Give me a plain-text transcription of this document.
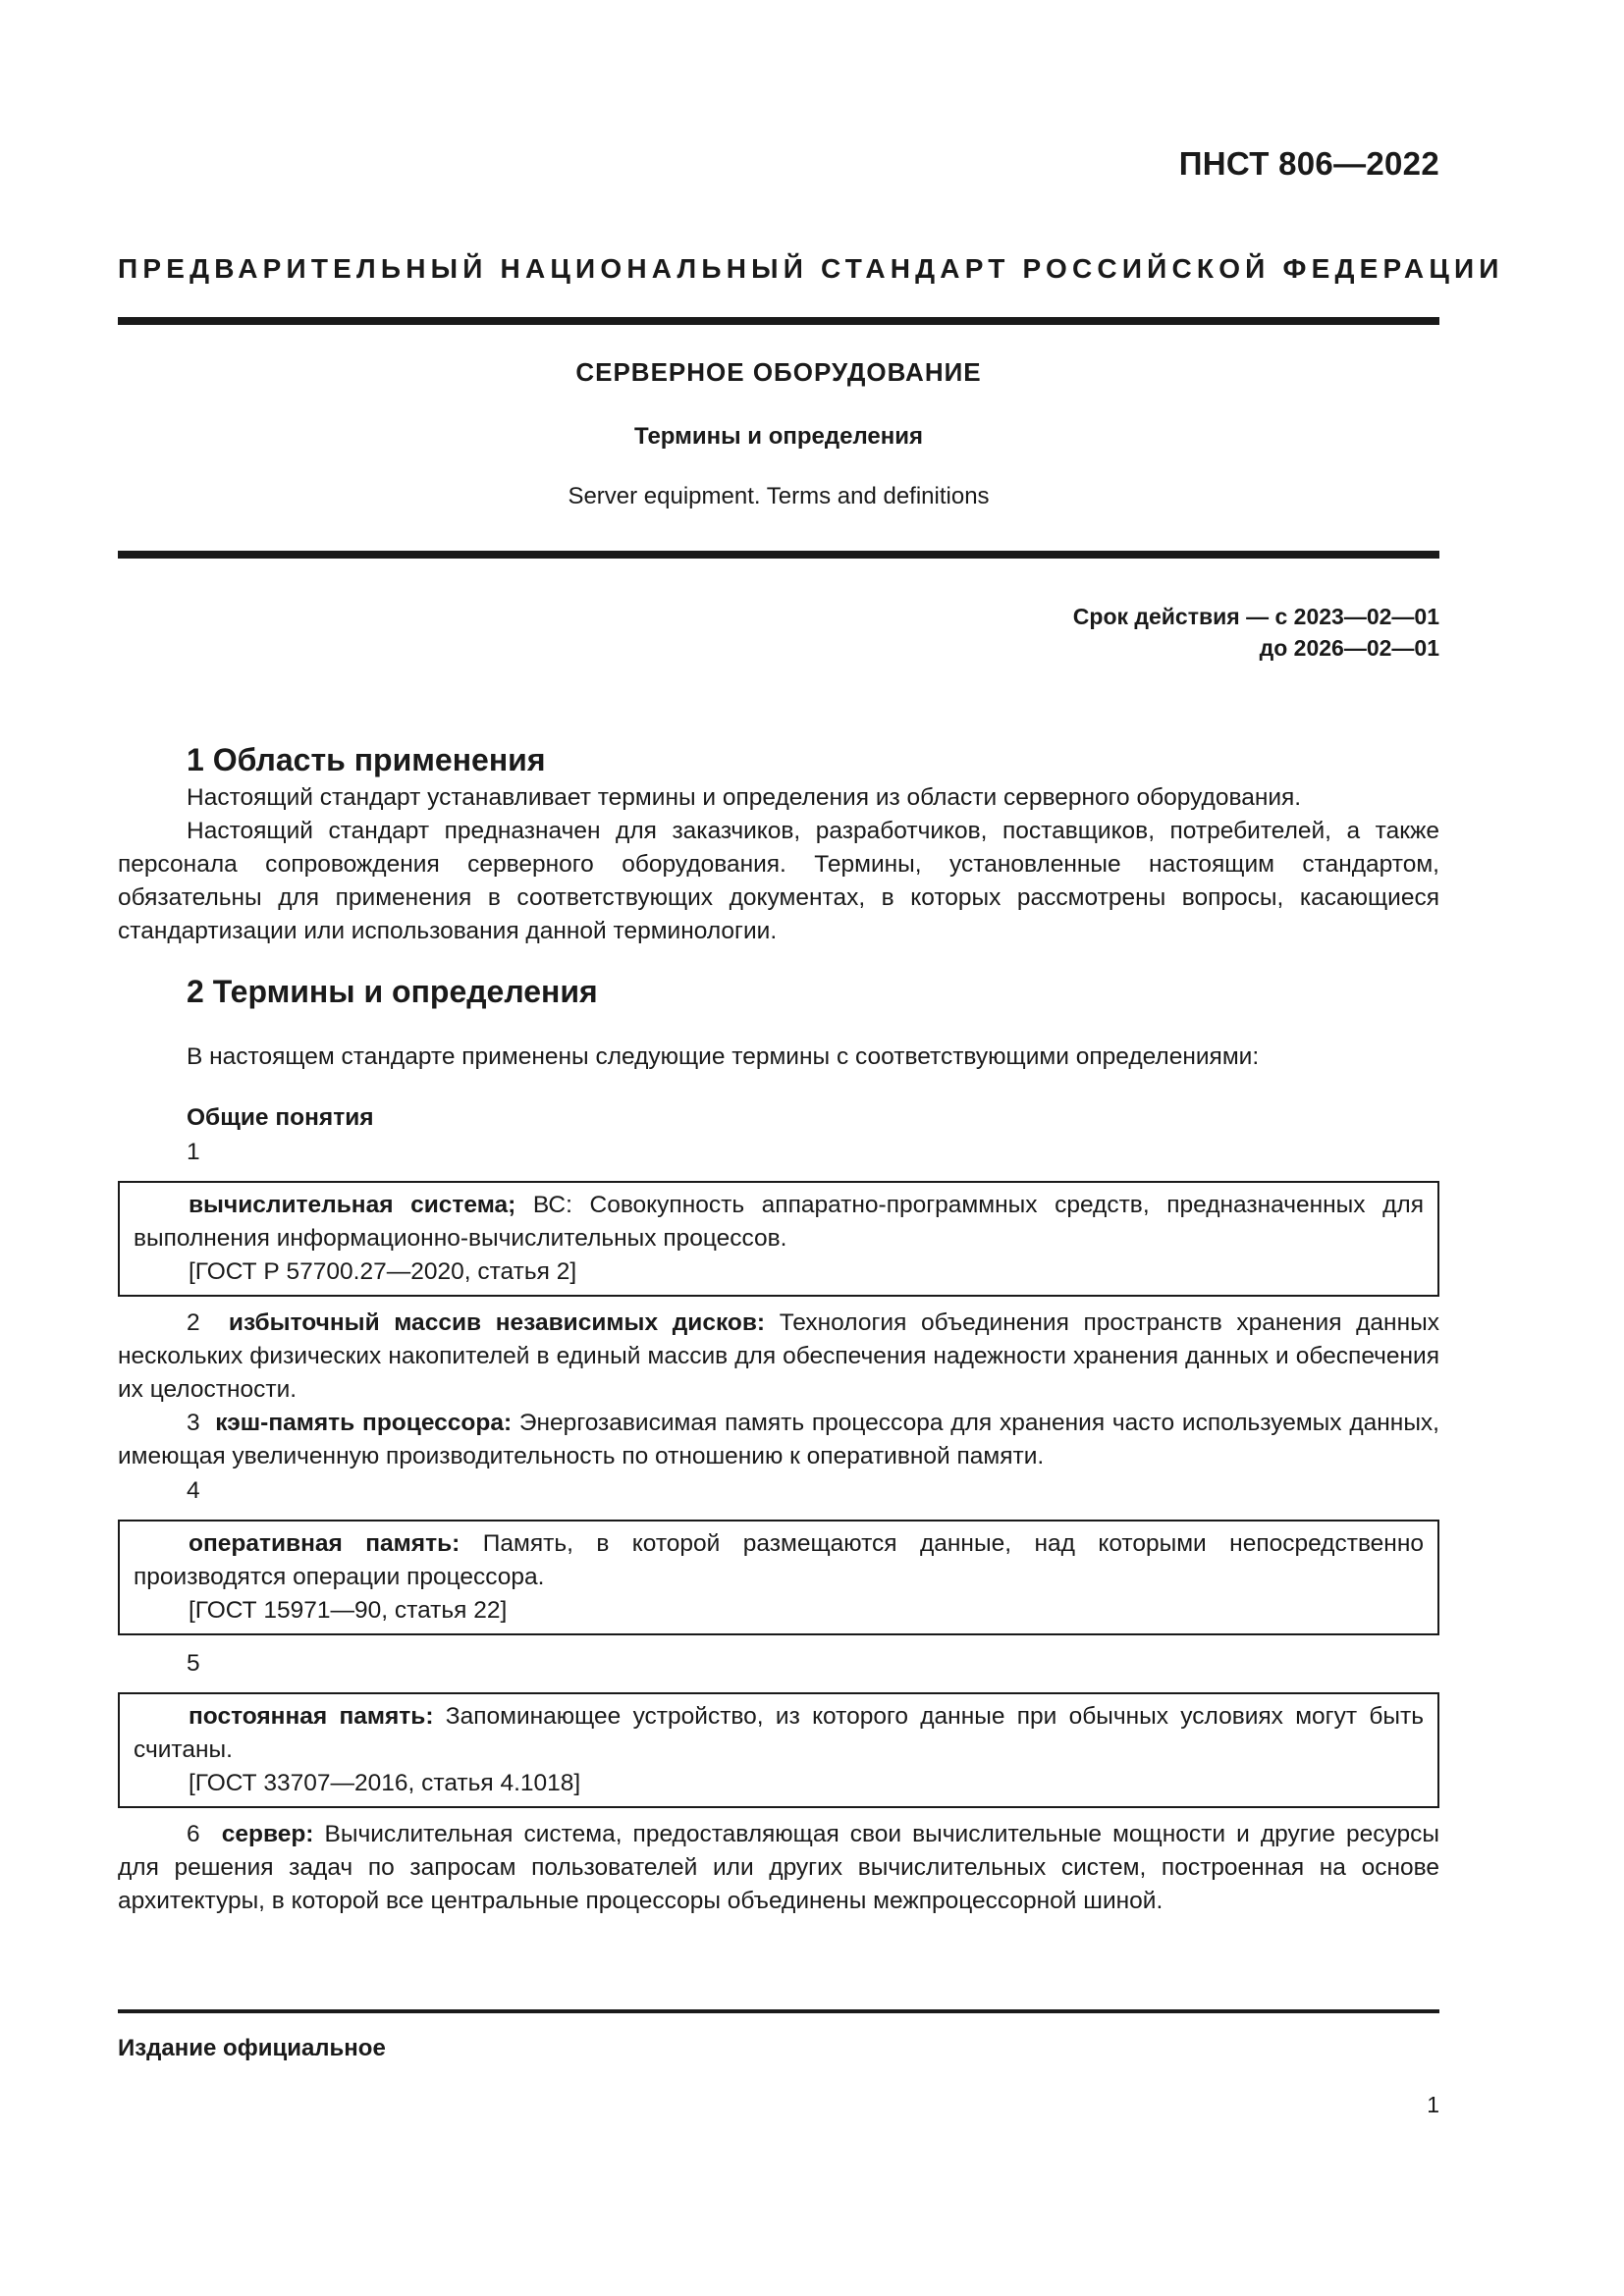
ПНСТ 806—2022
ПРЕДВАРИТЕЛЬНЫЙ НАЦИОНАЛЬНЫЙ СТАНДАРТ РОССИЙСКОЙ ФЕДЕРАЦИИ
СЕРВЕРНОЕ ОБОРУДОВАНИЕ
Термины и определения
Server equipment. Terms and definitions
Срок действия — с 2023—02—01
до 2026—02—01
1 Область применения

Настоящий стандарт устанавливает термины и определения из области серверного оборудования.

Настоящий стандарт предназначен для заказчиков, разработчиков, поставщиков, потребителей, а также персонала сопровождения серверного оборудования. Термины, установленные настоящим стандартом, обязательны для применения в соответствующих документах, в которых рассмотрены вопросы, касающиеся стандартизации или использования данной терминологии.

2 Термины и определения

В настоящем стандарте применены следующие термины с соответствующими определениями:

Общие понятия
1

вычислительная система; ВС: Совокупность аппаратно-программных средств, предназначенных для выполнения информационно-вычислительных процессов.

[ГОСТ Р 57700.27—2020, статья 2]

2 избыточный массив независимых дисков: Технология объединения пространств хранения данных нескольких физических накопителей в единый массив для обеспечения надежности хранения данных и обеспечения их целостности.

3 кэш-память процессора: Энергозависимая память процессора для хранения часто используемых данных, имеющая увеличенную производительность по отношению к оперативной памяти.

4

оперативная память: Память, в которой размещаются данные, над которыми непосредственно производятся операции процессора.

[ГОСТ 15971—90, статья 22]

5

постоянная память: Запоминающее устройство, из которого данные при обычных условиях могут быть считаны.

[ГОСТ 33707—2016, статья 4.1018]

6 сервер: Вычислительная система, предоставляющая свои вычислительные мощности и другие ресурсы для решения задач по запросам пользователей или других вычислительных систем, построенная на основе архитектуры, в которой все центральные процессоры объединены межпроцессорной шиной.

Издание официальное
1
